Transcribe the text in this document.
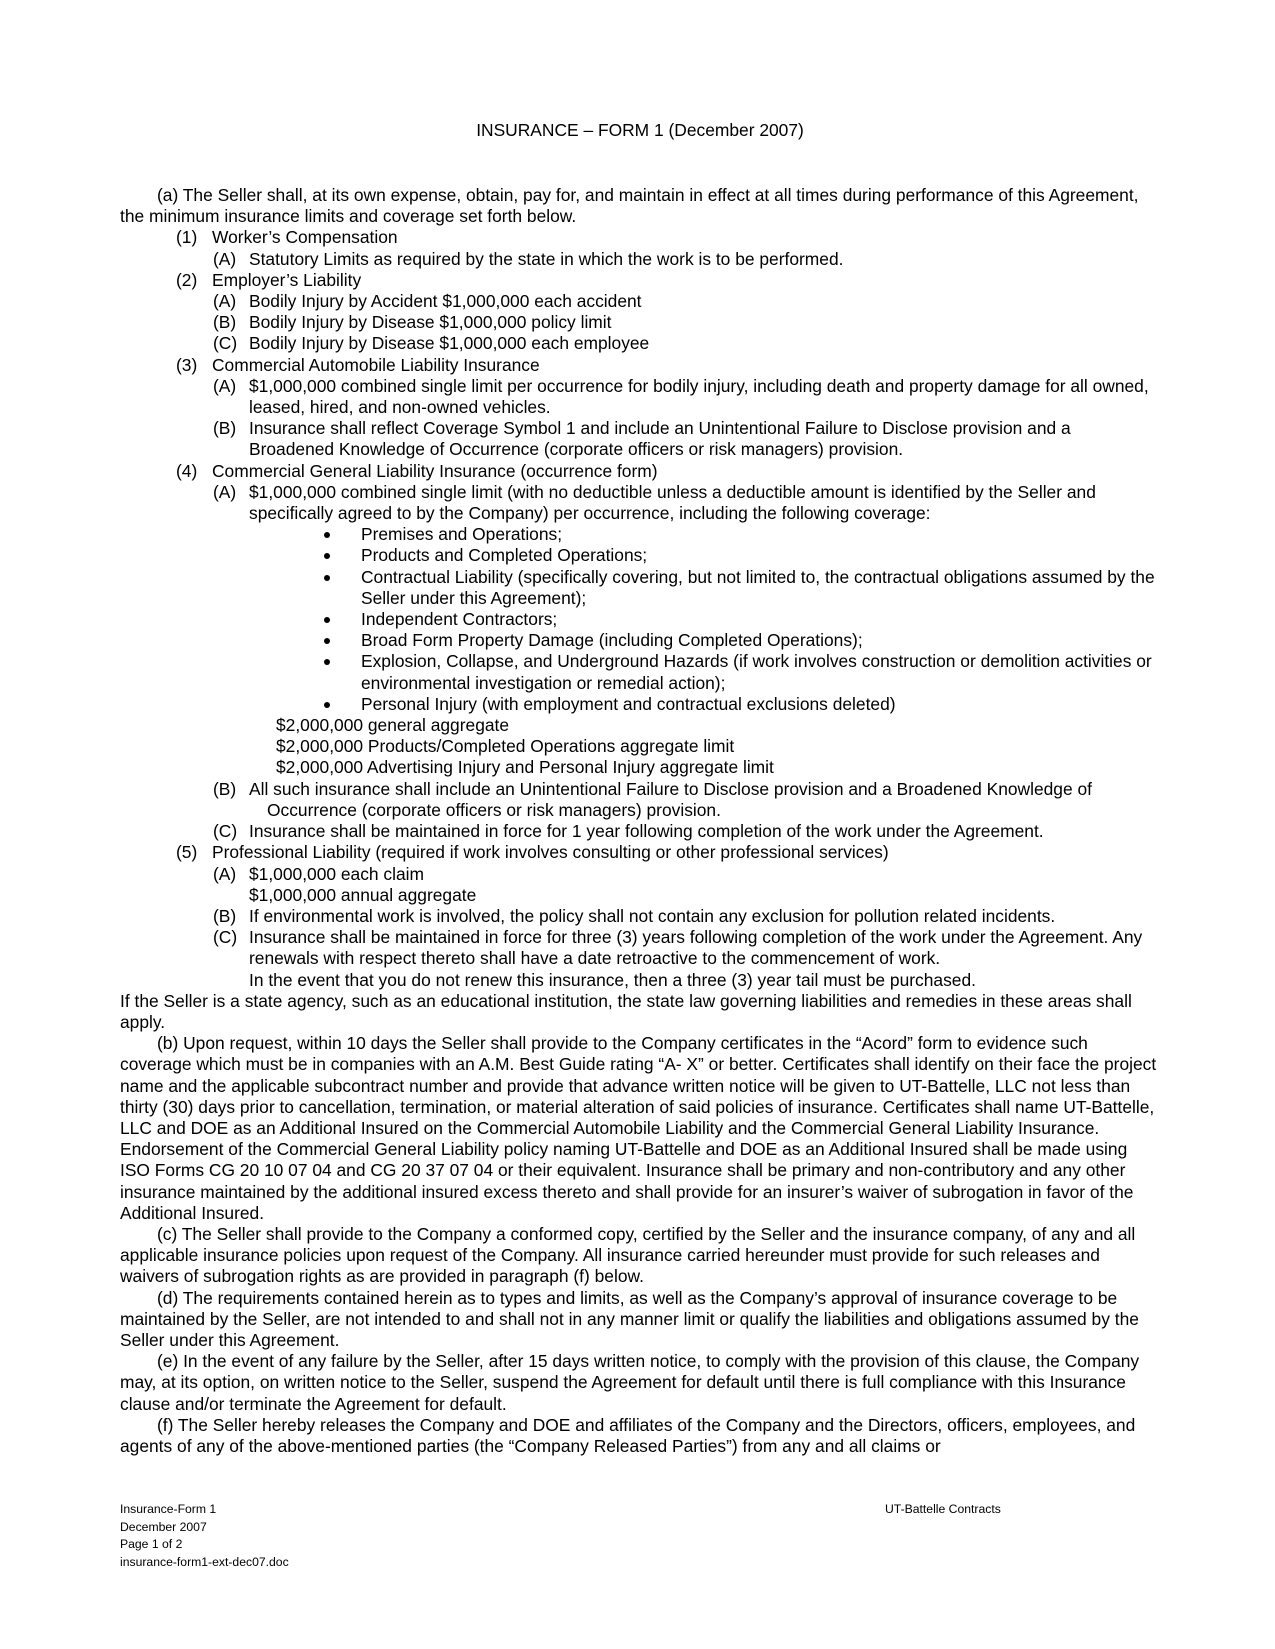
INSURANCE – FORM 1 (December 2007)

(a) The Seller shall, at its own expense, obtain, pay for, and maintain in effect at all times during performance of this Agreement, the minimum insurance limits and coverage set forth below.

(1) Worker’s Compensation
(A) Statutory Limits as required by the state in which the work is to be performed.
(2) Employer’s Liability
(A) Bodily Injury by Accident $1,000,000 each accident
(B) Bodily Injury by Disease $1,000,000 policy limit
(C) Bodily Injury by Disease $1,000,000 each employee
(3) Commercial Automobile Liability Insurance
(A) $1,000,000 combined single limit per occurrence for bodily injury, including death and property damage for all owned, leased, hired, and non-owned vehicles.
(B) Insurance shall reflect Coverage Symbol 1 and include an Unintentional Failure to Disclose provision and a Broadened Knowledge of Occurrence (corporate officers or risk managers) provision.
(4) Commercial General Liability Insurance (occurrence form)
(A) $1,000,000 combined single limit (with no deductible unless a deductible amount is identified by the Seller and specifically agreed to by the Company) per occurrence, including the following coverage:
Premises and Operations;
Products and Completed Operations;
Contractual Liability (specifically covering, but not limited to, the contractual obligations assumed by the Seller under this Agreement);
Independent Contractors;
Broad Form Property Damage (including Completed Operations);
Explosion, Collapse, and Underground Hazards (if work involves construction or demolition activities or environmental investigation or remedial action);
Personal Injury (with employment and contractual exclusions deleted)
$2,000,000 general aggregate
$2,000,000 Products/Completed Operations aggregate limit
$2,000,000 Advertising Injury and Personal Injury aggregate limit
(B) All such insurance shall include an Unintentional Failure to Disclose provision and a Broadened Knowledge of Occurrence (corporate officers or risk managers) provision.
(C) Insurance shall be maintained in force for 1 year following completion of the work under the Agreement.
(5) Professional Liability (required if work involves consulting or other professional services)
(A) $1,000,000 each claim
$1,000,000 annual aggregate
(B) If environmental work is involved, the policy shall not contain any exclusion for pollution related incidents.
(C) Insurance shall be maintained in force for three (3) years following completion of the work under the Agreement. Any renewals with respect thereto shall have a date retroactive to the commencement of work.
In the event that you do not renew this insurance, then a three (3) year tail must be purchased.

If the Seller is a state agency, such as an educational institution, the state law governing liabilities and remedies in these areas shall apply.

(b) Upon request, within 10 days the Seller shall provide to the Company certificates in the “Acord” form to evidence such coverage which must be in companies with an A.M. Best Guide rating “A- X” or better. Certificates shall identify on their face the project name and the applicable subcontract number and provide that advance written notice will be given to UT-Battelle, LLC not less than thirty (30) days prior to cancellation, termination, or material alteration of said policies of insurance. Certificates shall name UT-Battelle, LLC and DOE as an Additional Insured on the Commercial Automobile Liability and the Commercial General Liability Insurance. Endorsement of the Commercial General Liability policy naming UT-Battelle and DOE as an Additional Insured shall be made using ISO Forms CG 20 10 07 04 and CG 20 37 07 04 or their equivalent. Insurance shall be primary and non-contributory and any other insurance maintained by the additional insured excess thereto and shall provide for an insurer’s waiver of subrogation in favor of the Additional Insured.

(c) The Seller shall provide to the Company a conformed copy, certified by the Seller and the insurance company, of any and all applicable insurance policies upon request of the Company. All insurance carried hereunder must provide for such releases and waivers of subrogation rights as are provided in paragraph (f) below.

(d) The requirements contained herein as to types and limits, as well as the Company’s approval of insurance coverage to be maintained by the Seller, are not intended to and shall not in any manner limit or qualify the liabilities and obligations assumed by the Seller under this Agreement.

(e) In the event of any failure by the Seller, after 15 days written notice, to comply with the provision of this clause, the Company may, at its option, on written notice to the Seller, suspend the Agreement for default until there is full compliance with this Insurance clause and/or terminate the Agreement for default.

(f) The Seller hereby releases the Company and DOE and affiliates of the Company and the Directors, officers, employees, and agents of any of the above-mentioned parties (the “Company Released Parties”) from any and all claims or

Insurance-Form 1
December 2007
Page 1 of 2
insurance-form1-ext-dec07.doc
UT-Battelle Contracts
